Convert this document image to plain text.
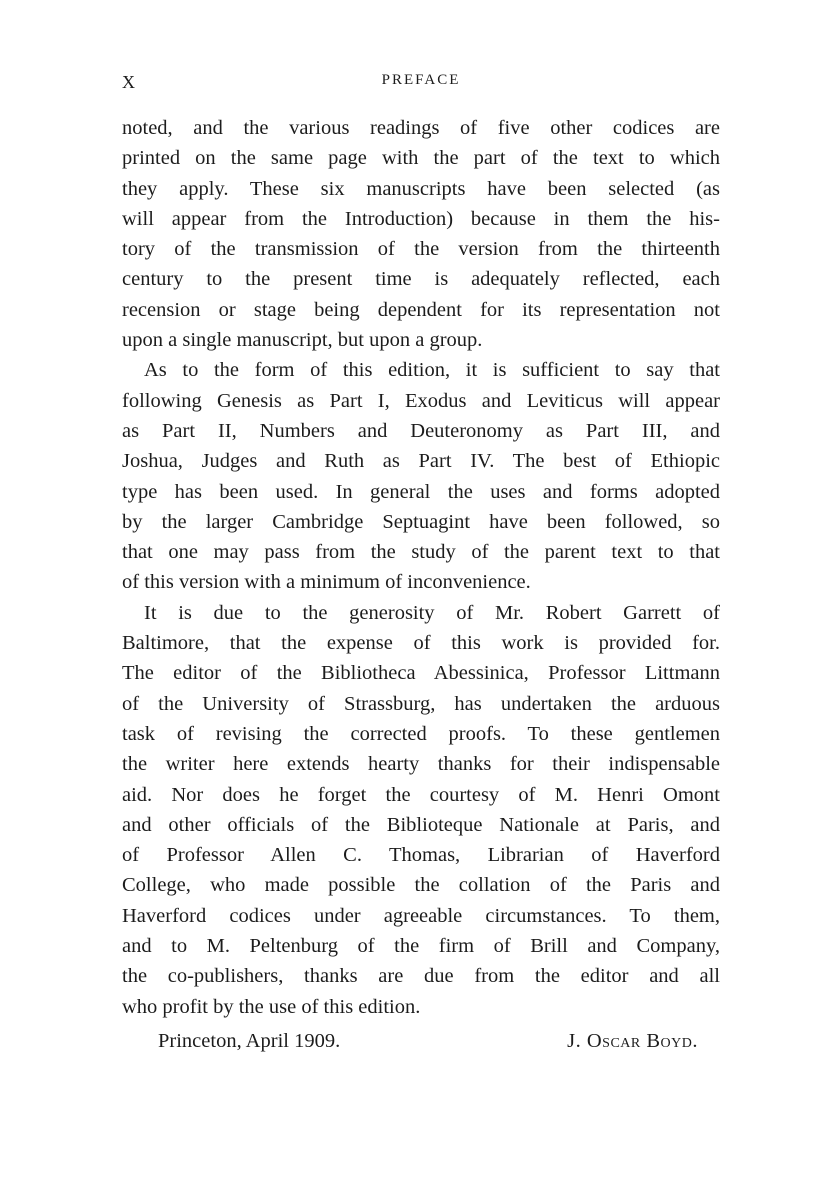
X	PREFACE
noted, and the various readings of five other codices are
printed on the same page with the part of the text to which
they apply. These six manuscripts have been selected (as
will appear from the Introduction) because in them the his-
tory of the transmission of the version from the thirteenth
century to the present time is adequately reflected, each
recension or stage being dependent for its representation not
upon a single manuscript, but upon a group.
As to the form of this edition, it is sufficient to say that
following Genesis as Part I, Exodus and Leviticus will appear
as Part II, Numbers and Deuteronomy as Part III, and
Joshua, Judges and Ruth as Part IV. The best of Ethiopic
type has been used. In general the uses and forms adopted
by the larger Cambridge Septuagint have been followed, so
that one may pass from the study of the parent text to that
of this version with a minimum of inconvenience.
It is due to the generosity of Mr. Robert Garrett of
Baltimore, that the expense of this work is provided for.
The editor of the Bibliotheca Abessinica, Professor Littmann
of the University of Strassburg, has undertaken the arduous
task of revising the corrected proofs. To these gentlemen
the writer here extends hearty thanks for their indispensable
aid. Nor does he forget the courtesy of M. Henri Omont
and other officials of the Biblioteque Nationale at Paris, and
of Professor Allen C. Thomas, Librarian of Haverford
College, who made possible the collation of the Paris and
Haverford codices under agreeable circumstances. To them,
and to M. Peltenburg of the firm of Brill and Company,
the co-publishers, thanks are due from the editor and all
who profit by the use of this edition.
Princeton, April 1909.	J. Oscar Boyd.
